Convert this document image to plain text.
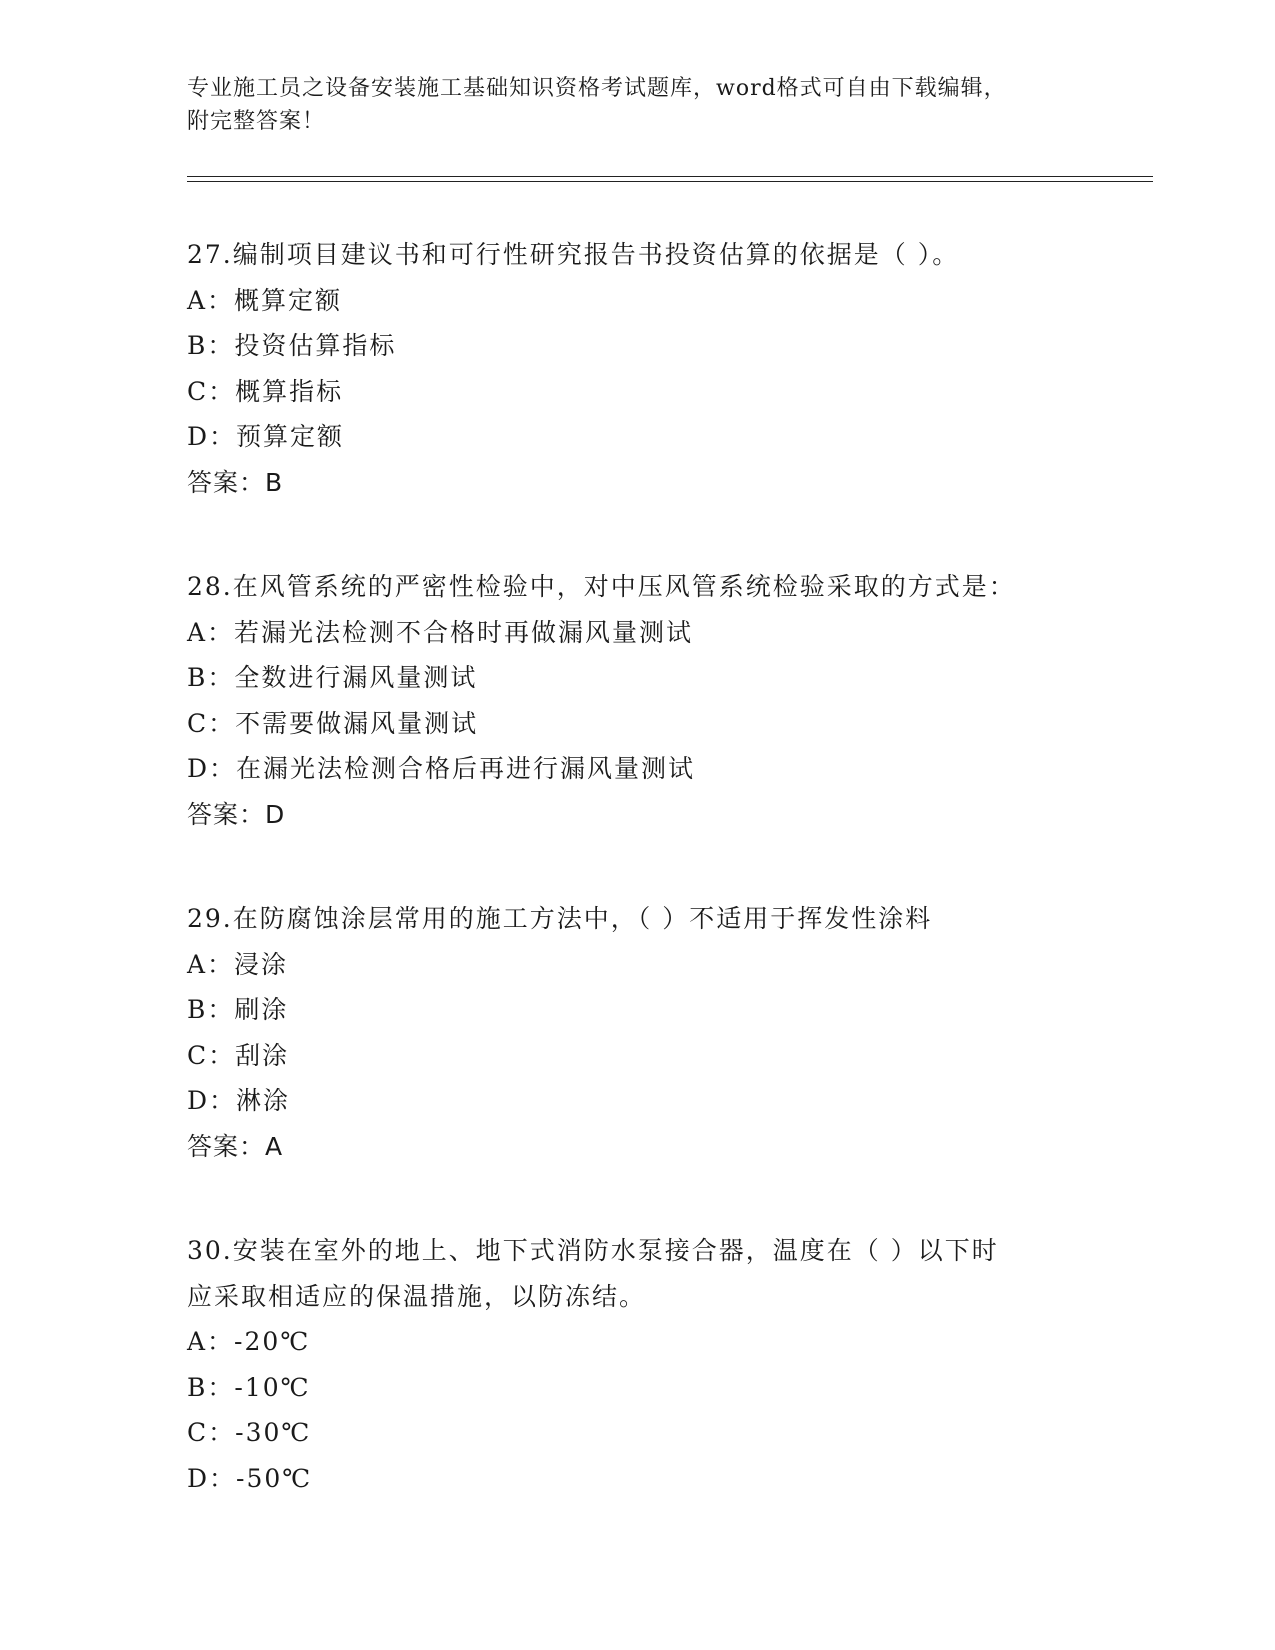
专业施工员之设备安装施工基础知识资格考试题库，word格式可自由下载编辑，
附完整答案！
27.编制项目建议书和可行性研究报告书投资估算的依据是（ ）。
A：概算定额
B：投资估算指标
C：概算指标
D：预算定额
答案：B
28.在风管系统的严密性检验中，对中压风管系统检验采取的方式是：
A：若漏光法检测不合格时再做漏风量测试
B：全数进行漏风量测试
C：不需要做漏风量测试
D：在漏光法检测合格后再进行漏风量测试
答案：D
29.在防腐蚀涂层常用的施工方法中，（ ）不适用于挥发性涂料
A：浸涂
B：刷涂
C：刮涂
D：淋涂
答案：A
30.安装在室外的地上、地下式消防水泵接合器，温度在（ ）以下时
应采取相适应的保温措施，以防冻结。
A：-20℃
B：-10℃
C：-30℃
D：-50℃
